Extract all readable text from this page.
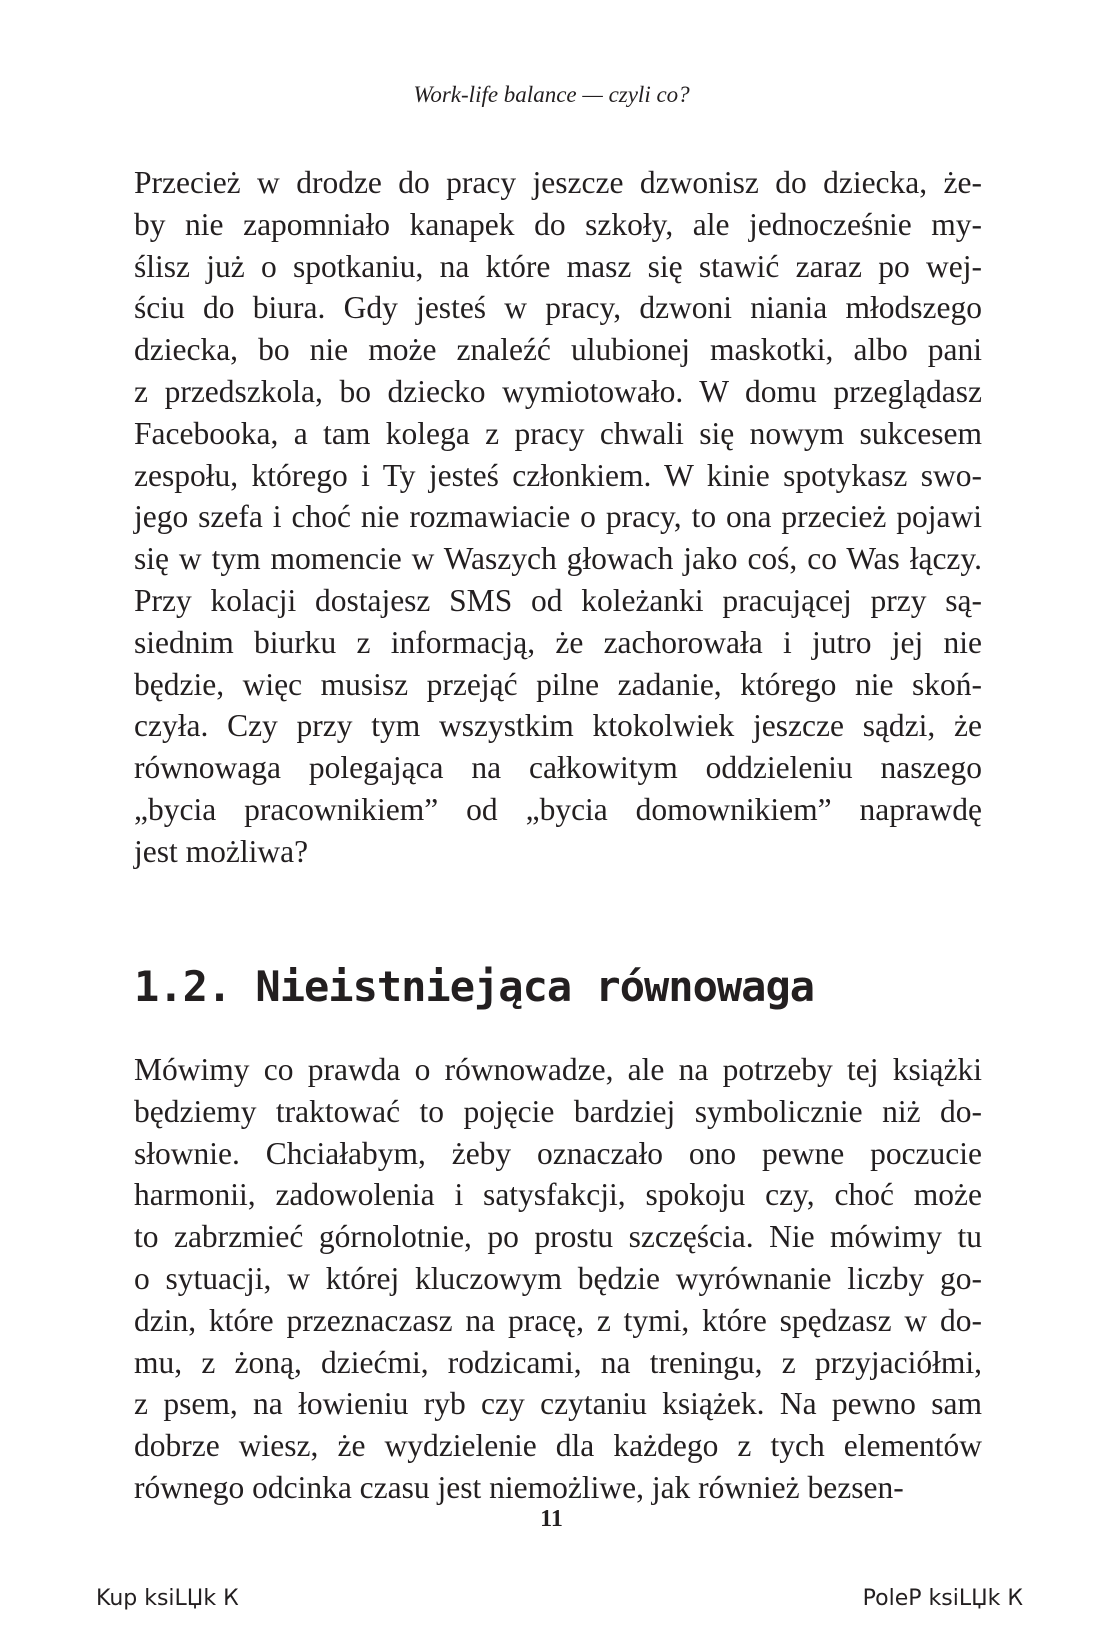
Work-life balance — czyli co?
Przecież w drodze do pracy jeszcze dzwonisz do dziecka, że-
by nie zapomniało kanapek do szkoły, ale jednocześnie my-
ślisz już o spotkaniu, na które masz się stawić zaraz po wej-
ściu do biura. Gdy jesteś w pracy, dzwoni niania młodszego
dziecka, bo nie może znaleźć ulubionej maskotki, albo pani
z przedszkola, bo dziecko wymiotowało. W domu przeglądasz
Facebooka, a tam kolega z pracy chwali się nowym sukcesem
zespołu, którego i Ty jesteś członkiem. W kinie spotykasz swo-
jego szefa i choć nie rozmawiacie o pracy, to ona przecież pojawi
się w tym momencie w Waszych głowach jako coś, co Was łączy.
Przy kolacji dostajesz SMS od koleżanki pracującej przy są-
siednim biurku z informacją, że zachorowała i jutro jej nie
będzie, więc musisz przejąć pilne zadanie, którego nie skoń-
czyła. Czy przy tym wszystkim ktokolwiek jeszcze sądzi, że
równowaga polegająca na całkowitym oddzieleniu naszego
„bycia pracownikiem” od „bycia domownikiem” naprawdę
jest możliwa?
1.2. Nieistniejąca równowaga
Mówimy co prawda o równowadze, ale na potrzeby tej książki
będziemy traktować to pojęcie bardziej symbolicznie niż do-
słownie. Chciałabym, żeby oznaczało ono pewne poczucie
harmonii, zadowolenia i satysfakcji, spokoju czy, choć może
to zabrzmieć górnolotnie, po prostu szczęścia. Nie mówimy tu
o sytuacji, w której kluczowym będzie wyrównanie liczby go-
dzin, które przeznaczasz na pracę, z tymi, które spędzasz w do-
mu, z żoną, dziećmi, rodzicami, na treningu, z przyjaciółmi,
z psem, na łowieniu ryb czy czytaniu książek. Na pewno sam
dobrze wiesz, że wydzielenie dla każdego z tych elementów
równego odcinka czasu jest niemożliwe, jak również bezsen-
11
Kup ksiLЏk К	PoleP ksiLЏk К
